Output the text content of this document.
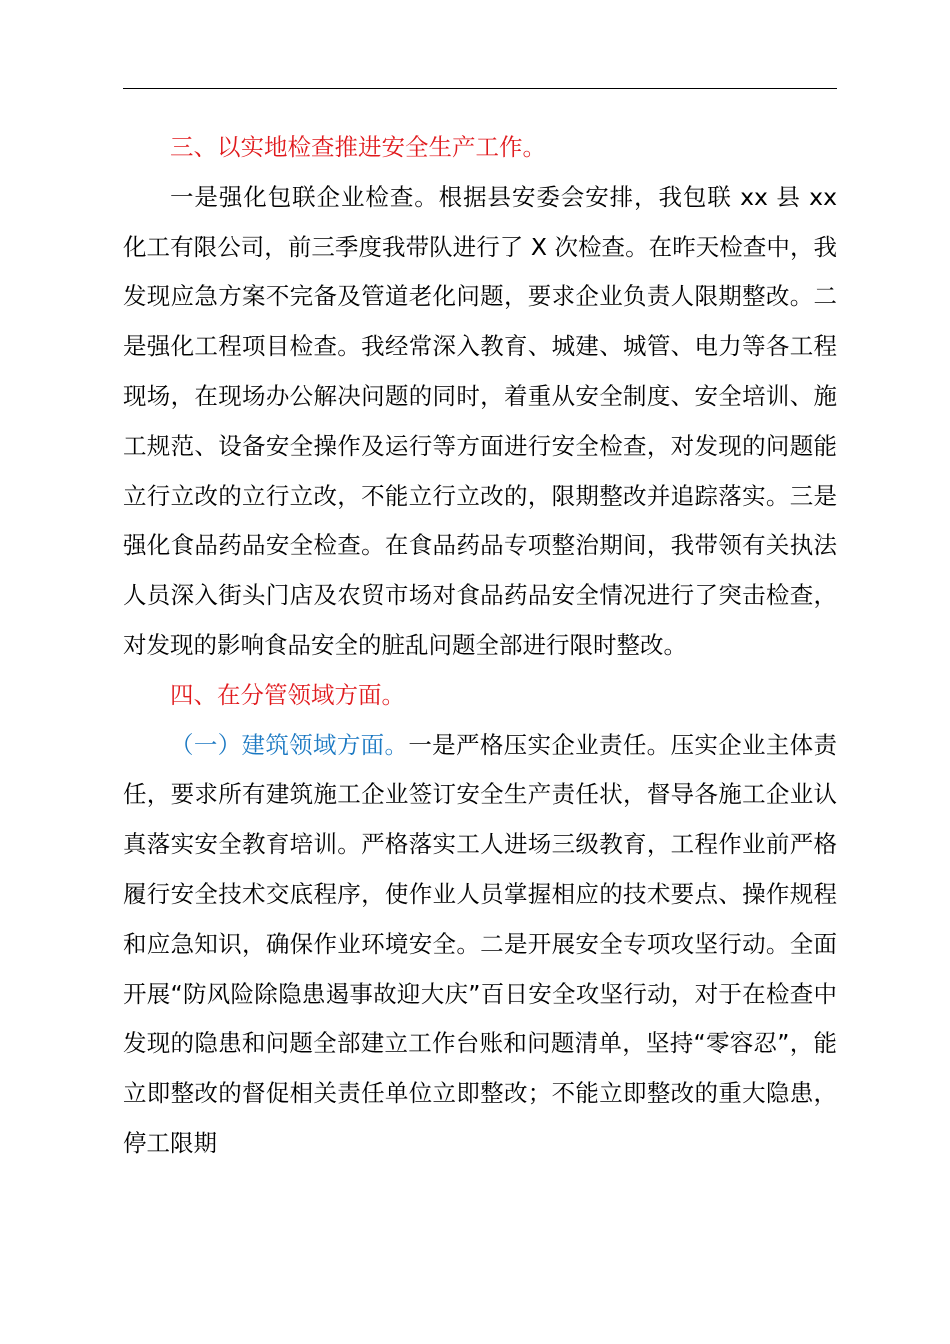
三、以实地检查推进安全生产工作。

一是强化包联企业检查。根据县安委会安排，我包联 xx 县 xx 化工有限公司，前三季度我带队进行了 X 次检查。在昨天检查中，我发现应急方案不完备及管道老化问题，要求企业负责人限期整改。二是强化工程项目检查。我经常深入教育、城建、城管、电力等各工程现场，在现场办公解决问题的同时，着重从安全制度、安全培训、施工规范、设备安全操作及运行等方面进行安全检查，对发现的问题能立行立改的立行立改，不能立行立改的，限期整改并追踪落实。三是强化食品药品安全检查。在食品药品专项整治期间，我带领有关执法人员深入街头门店及农贸市场对食品药品安全情况进行了突击检查，对发现的影响食品安全的脏乱问题全部进行限时整改。

四、在分管领域方面。

（一）建筑领域方面。一是严格压实企业责任。压实企业主体责任，要求所有建筑施工企业签订安全生产责任状，督导各施工企业认真落实安全教育培训。严格落实工人进场三级教育，工程作业前严格履行安全技术交底程序，使作业人员掌握相应的技术要点、操作规程和应急知识，确保作业环境安全。二是开展安全专项攻坚行动。全面开展“防风险除隐患遏事故迎大庆”百日安全攻坚行动，对于在检查中发现的隐患和问题全部建立工作台账和问题清单，坚持“零容忍”，能立即整改的督促相关责任单位立即整改；不能立即整改的重大隐患，停工限期
